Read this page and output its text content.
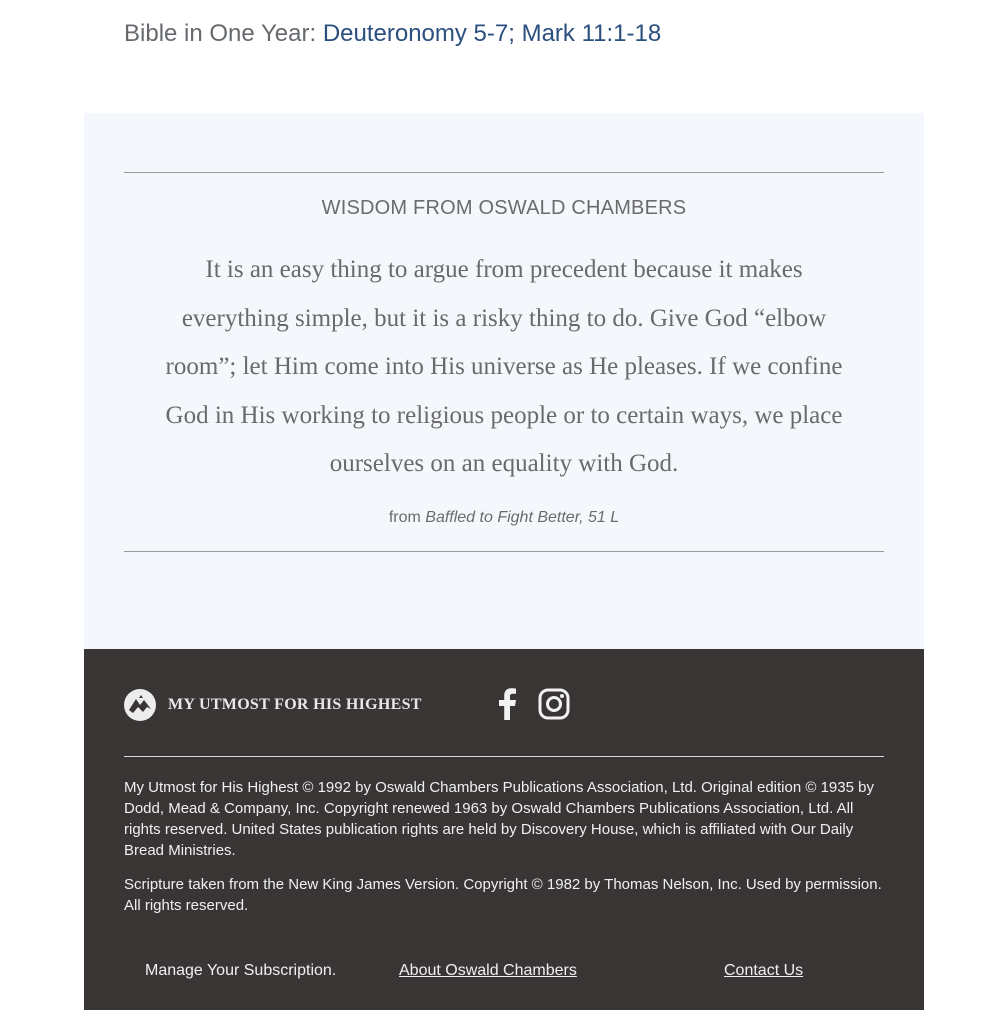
Bible in One Year: Deuteronomy 5-7; Mark 11:1-18
WISDOM FROM OSWALD CHAMBERS
It is an easy thing to argue from precedent because it makes everything simple, but it is a risky thing to do. Give God “elbow room”; let Him come into His universe as He pleases. If we confine God in His working to religious people or to certain ways, we place ourselves on an equality with God.
from Baffled to Fight Better, 51 L
MY UTMOST FOR HIS HIGHEST
My Utmost for His Highest © 1992 by Oswald Chambers Publications Association, Ltd. Original edition © 1935 by Dodd, Mead & Company, Inc. Copyright renewed 1963 by Oswald Chambers Publications Association, Ltd. All rights reserved. United States publication rights are held by Discovery House, which is affiliated with Our Daily Bread Ministries.
Scripture taken from the New King James Version. Copyright © 1982 by Thomas Nelson, Inc. Used by permission. All rights reserved.
Manage Your Subscription.	About Oswald Chambers	Contact Us
